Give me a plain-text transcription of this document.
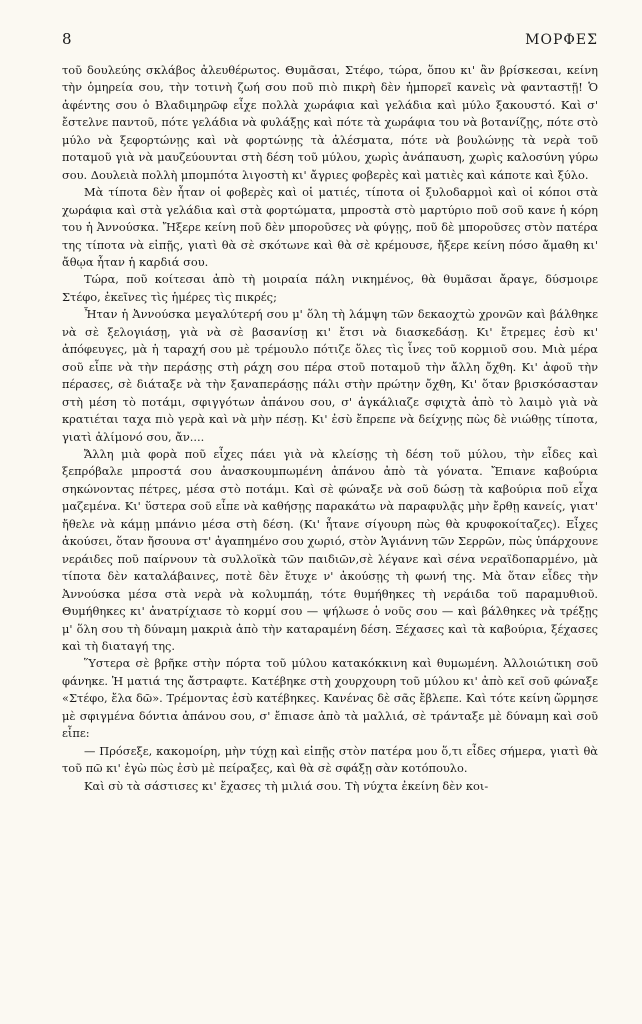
8	ΜΟΡΦΕΣ

τοῦ δουλεύης σκλάβος ἀλευθέρωτος. Θυμᾶσαι, Στέφο, τώρα, ὅπου κι' ἂν βρίσκεσαι, κείνη τὴν ὁμηρεία σου, τὴν τοτινὴ ζωή σου ποῦ πιὸ πικρὴ δὲν ἠμπορεῖ κανεὶς νὰ φανταστῇ! Ὁ ἀφέντης σου ὁ Βλαδιμηρῶφ εἶχε πολλὰ χωράφια καὶ γελάδια καὶ μύλο ξακουστό. Καὶ σ' ἔστελνε παντοῦ, πότε γελάδια νὰ φυλάξῃς καὶ πότε τὰ χωράφια του νὰ βοτανίζῃς, πότε στὸ μύλο νὰ ξεφορτώνῃς καὶ νὰ φορτώνῃς τὰ ἀλέσματα, πότε νὰ βουλώνῃς τὰ νερὰ τοῦ ποταμοῦ γιὰ νὰ μαυζεύουνται στὴ δέση τοῦ μύλου, χωρὶς ἀνάπαυση, χωρὶς καλοσύνη γύρω σου. Δουλειὰ πολλὴ μπομπότα λιγοστὴ κι' ἄγριες φοβερὲς καὶ ματιὲς καὶ κάποτε καὶ ξύλο.

Μὰ τίποτα δὲν ἦταν οἱ φοβερὲς καὶ οἱ ματιές, τίποτα οἱ ξυλοδαρμοὶ καὶ οἱ κόποι στὰ χωράφια καὶ στὰ γελάδια καὶ στὰ φορτώματα, μπροστὰ στὸ μαρτύριο ποῦ σοῦ κανε ἡ κόρη του ἡ Ἀννούσκα. Ἤξερε κείνη ποῦ δὲν μποροῦσες νὰ φύγῃς, ποῦ δὲ μποροῦσες στὸν πατέρα της τίποτα νὰ εἰπῇς, γιατὶ θὰ σὲ σκότωνε καὶ θὰ σὲ κρέμουσε, ἤξερε κείνη πόσο ἄμαθη κι' ἄθῳα ἦταν ἡ καρδιά σου.

Τώρα, ποῦ κοίτεσαι ἀπὸ τὴ μοιραία πάλη νικημένος, θὰ θυμᾶσαι ἄραγε, δύσμοιρε Στέφο, ἐκεῖνες τὶς ἡμέρες τὶς πικρές;

Ἦταν ἡ Ἀννούσκα μεγαλύτερή σου μ' ὅλη τὴ λάμψη τῶν δεκαοχτὼ χρονῶν καὶ βάλθηκε νὰ σὲ ξελογιάσῃ, γιὰ νὰ σὲ βασανίσῃ κι' ἔτσι νὰ διασκεδάσῃ. Κι' ἔτρεμες ἐσὺ κι' ἀπόφευγες, μὰ ἡ ταραχή σου μὲ τρέμουλο πότιζε ὅλες τὶς ἶνες τοῦ κορμιοῦ σου. Μιὰ μέρα σοῦ εἶπε νὰ τὴν περάσῃς στὴ ράχη σου πέρα στοῦ ποταμοῦ τὴν ἄλλη ὄχθη. Κι' ἀφοῦ τὴν πέρασες, σὲ διάταξε νὰ τὴν ξαναπεράσῃς πάλι στὴν πρώτην ὄχθη, Κι' ὅταν βρισκόσασταν στὴ μέση τὸ ποτάμι, σφιγγότων ἀπάνου σου, σ' ἀγκάλιαζε σφιχτὰ ἀπὸ τὸ λαιμὸ γιὰ νὰ κρατιέται ταχα πιὸ γερὰ καὶ νὰ μὴν πέσῃ. Κι' ἐσὺ ἔπρεπε νὰ δείχνῃς πὼς δὲ νιώθῃς τίποτα, γιατὶ ἀλίμονό σου, ἄν....

Ἄλλη μιὰ φορὰ ποῦ εἶχες πάει γιὰ νὰ κλείσῃς τὴ δέση τοῦ μύλου, τὴν εἶδες καὶ ξεπρόβαλε μπροστά σου ἀνασκουμπωμένη ἀπάνου ἀπὸ τὰ γόνατα. Ἔπιανε καβούρια σηκώνοντας πέτρες, μέσα στὸ ποτάμι. Καὶ σὲ φώναξε νὰ σοῦ δώσῃ τὰ καβούρια ποῦ εἶχα μαζεμένα. Κι' ὕστερα σοῦ εἶπε νὰ καθήσῃς παρακάτω νὰ παραφυλᾷς μὴν ἔρθῃ κανείς, γιατ' ἤθελε νὰ κάμῃ μπάνιο μέσα στὴ δέση. (Κι' ἦτανε σίγουρη πὼς θὰ κρυφοκοίταζες). Εἶχες ἀκούσει, ὅταν ἤσουνα στ' ἀγαπημένο σου χωριό, στὸν Ἁγιάννη τῶν Σερρῶν, πὼς ὑπάρχουνε νεράιδες ποῦ παίρνουν τὰ συλλοϊκὰ τῶν παιδιῶν,σὲ λέγανε καὶ σένα νεραϊδοπαρμένο, μὰ τίποτα δὲν καταλάβαινες, ποτὲ δὲν ἔτυχε ν' ἀκούσῃς τὴ φωνή της. Μὰ ὅταν εἶδες τὴν Ἀννούσκα μέσα στὰ νερὰ νὰ κολυμπάῃ, τότε θυμήθηκες τὴ νεράιδα τοῦ παραμυθιοῦ. Θυμήθηκες κι' ἀνατρίχιασε τὸ κορμί σου — ψήλωσε ὁ νοῦς σου — καὶ βάλθηκες νὰ τρέξῃς μ' ὅλη σου τὴ δύναμη μακριὰ ἀπὸ τὴν καταραμένη δέση. Ξέχασες καὶ τὰ καβούρια, ξέχασες καὶ τὴ διαταγή της.

Ὕστερα σὲ βρῆκε στὴν πόρτα τοῦ μύλου κατακόκκινη καὶ θυμωμένη. Ἀλλοιώτικη σοῦ φάνηκε. Ἡ ματιά της ἄστραφτε. Κατέβηκε στὴ χουρχουρη τοῦ μύλου κι' ἀπὸ κεῖ σοῦ φώναξε «Στέφο, ἔλα δῶ». Τρέμοντας ἐσὺ κατέβηκες. Κανένας δὲ σᾶς ἔβλεπε. Καὶ τότε κείνη ὥρμησε μὲ σφιγμένα δόντια ἀπάνου σου, σ' ἔπιασε ἀπὸ τὰ μαλλιά, σὲ τράνταξε μὲ δύναμη καὶ σοῦ εἶπε:

— Πρόσεξε, κακομοίρη, μὴν τύχῃ καὶ εἰπῇς στὸν πατέρα μου ὅ,τι εἶδες σήμερα, γιατὶ θὰ τοῦ πῶ κι' ἐγὼ πὼς ἐσὺ μὲ πείραξες, καὶ θὰ σὲ σφάξῃ σὰν κοτόπουλο.

Καὶ σὺ τὰ σάστισες κι' ἔχασες τὴ μιλιά σου. Τὴ νύχτα ἐκείνη δὲν κοι-
